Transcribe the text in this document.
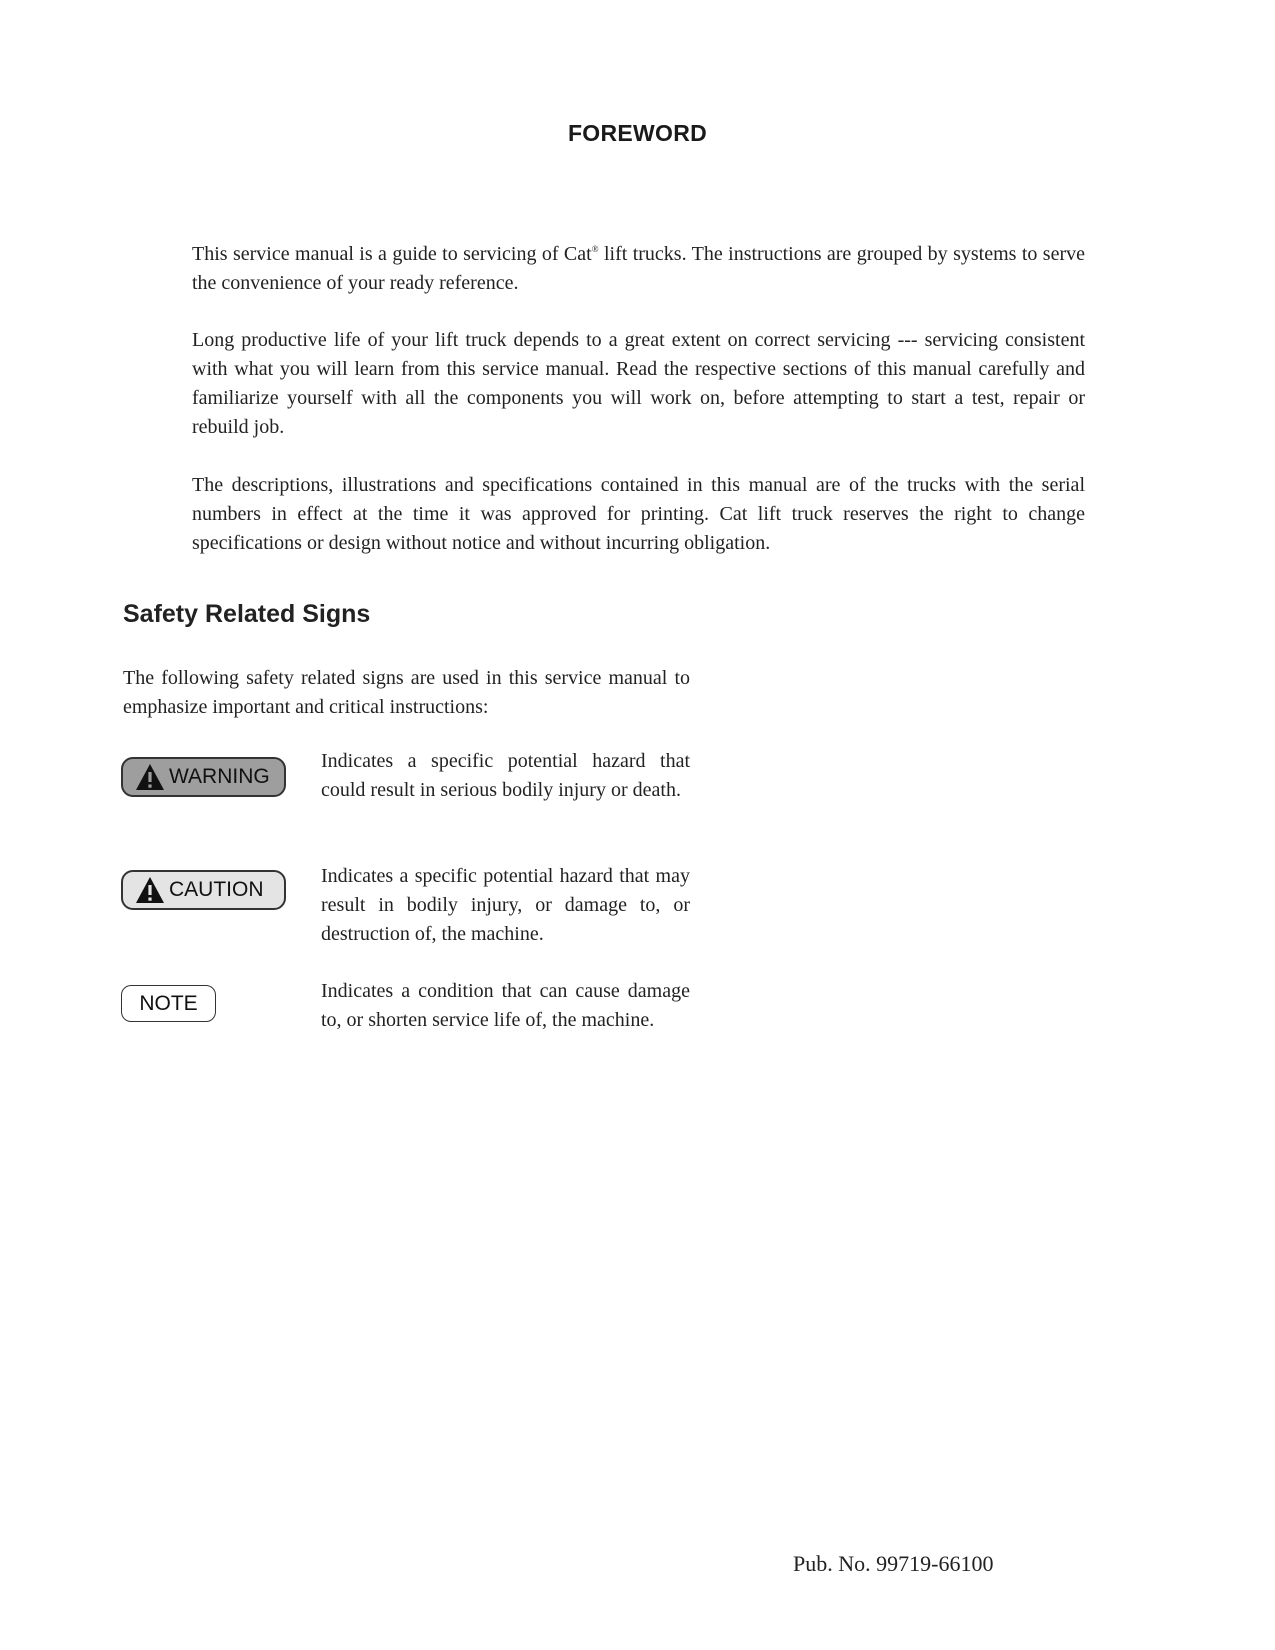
FOREWORD

This service manual is a guide to servicing of Cat® lift trucks. The instructions are grouped by systems to serve the convenience of your ready reference.

Long productive life of your lift truck depends to a great extent on correct servicing --- servicing consistent with what you will learn from this service manual. Read the respective sections of this manual carefully and familiarize yourself with all the components you will work on, before attempting to start a test, repair or rebuild job.

The descriptions, illustrations and specifications contained in this manual are of the trucks with the serial numbers in effect at the time it was approved for printing. Cat lift truck reserves the right to change specifications or design without notice and without incurring obligation.

Safety Related Signs

The following safety related signs are used in this service manual to emphasize important and critical instructions:

WARNING

Indicates a specific potential hazard that could result in serious bodily injury or death.

CAUTION

Indicates a specific potential hazard that may result in bodily injury, or damage to, or destruction of, the machine.

NOTE

Indicates a condition that can cause damage to, or shorten service life of, the machine.

Pub. No. 99719-66100
